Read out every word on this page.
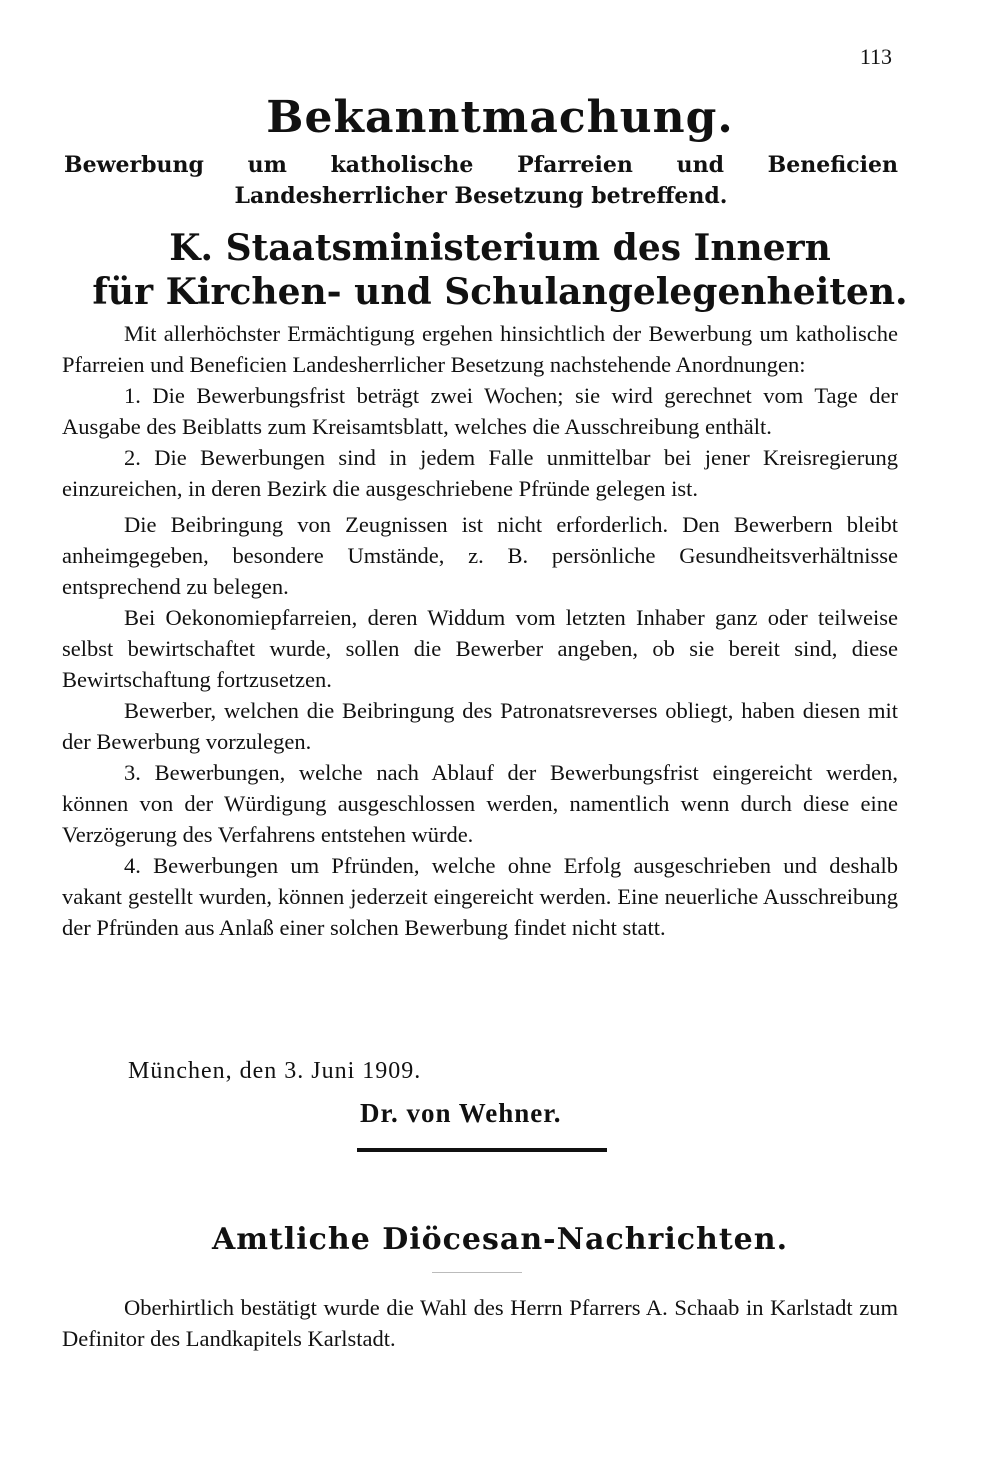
113
Bekanntmachung.
Bewerbung um katholische Pfarreien und Beneficien Landesherrlicher Besetzung betreffend.
K. Staatsministerium des Innern
für Kirchen- und Schulangelegenheiten.

Mit allerhöchster Ermächtigung ergehen hinsichtlich der Bewerbung um katholische Pfarreien und Beneficien Landesherrlicher Besetzung nachstehende Anordnungen:

1. Die Bewerbungsfrist beträgt zwei Wochen; sie wird gerechnet vom Tage der Ausgabe des Beiblatts zum Kreisamtsblatt, welches die Ausschreibung enthält.

2. Die Bewerbungen sind in jedem Falle unmittelbar bei jener Kreisregierung einzureichen, in deren Bezirk die ausgeschriebene Pfründe gelegen ist.

Die Beibringung von Zeugnissen ist nicht erforderlich. Den Bewerbern bleibt anheimgegeben, besondere Umstände, z. B. persönliche Gesundheitsverhältnisse entsprechend zu belegen.

Bei Oekonomiepfarreien, deren Widdum vom letzten Inhaber ganz oder teilweise selbst bewirtschaftet wurde, sollen die Bewerber angeben, ob sie bereit sind, diese Bewirtschaftung fortzusetzen.

Bewerber, welchen die Beibringung des Patronatsreverses obliegt, haben diesen mit der Bewerbung vorzulegen.

3. Bewerbungen, welche nach Ablauf der Bewerbungsfrist eingereicht werden, können von der Würdigung ausgeschlossen werden, namentlich wenn durch diese eine Verzögerung des Verfahrens entstehen würde.

4. Bewerbungen um Pfründen, welche ohne Erfolg ausgeschrieben und deshalb vakant gestellt wurden, können jederzeit eingereicht werden. Eine neuerliche Ausschreibung der Pfründen aus Anlaß einer solchen Bewerbung findet nicht statt.

München, den 3. Juni 1909.
Dr. von Wehner.
Amtliche Diöcesan-Nachrichten.

Oberhirtlich bestätigt wurde die Wahl des Herrn Pfarrers A. Schaab in Karlstadt zum Definitor des Landkapitels Karlstadt.
